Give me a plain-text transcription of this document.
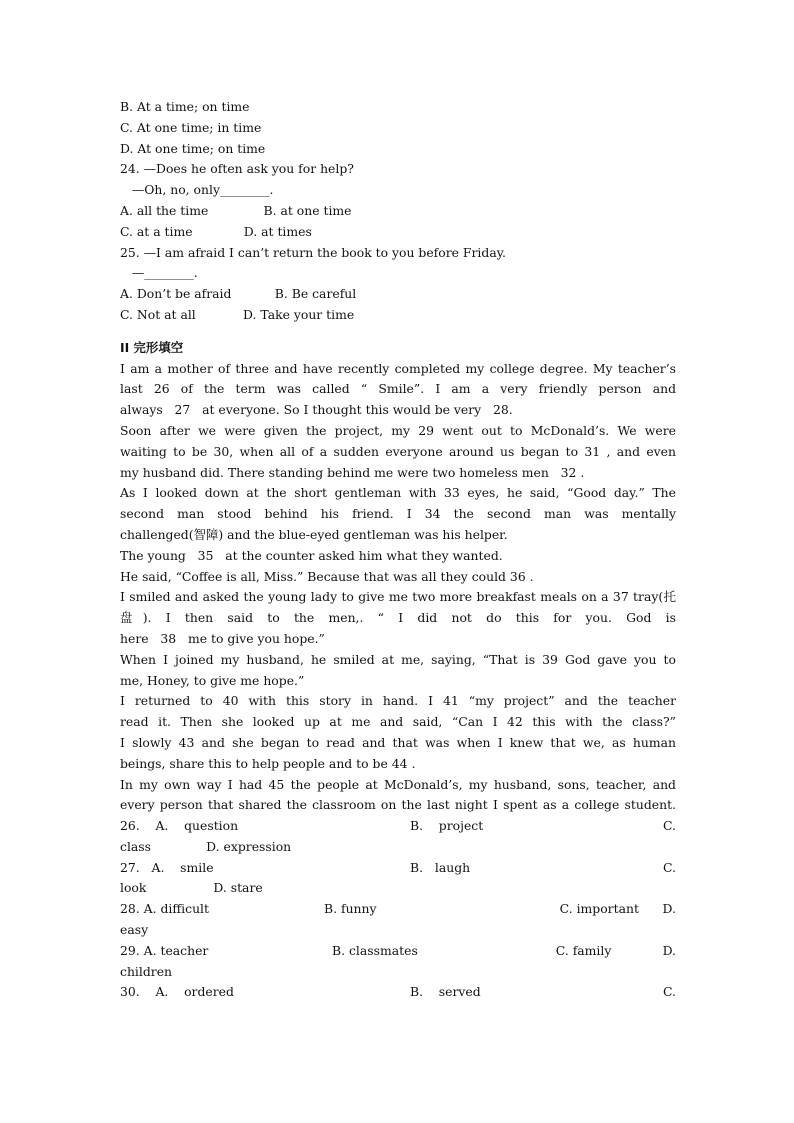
B. At a time; on time
C. At one time; in time
D. At one time; on time
24. —Does he often ask you for help?
—Oh, no, only________.
A. all the time              B. at one time
C. at a time             D. at times
25. —I am afraid I can’t return the book to you before Friday.
—________.
A. Don’t be afraid           B. Be careful
C. Not at all            D. Take your time
II 完形填空
I am a mother of three and have recently completed my college degree. My teacher’s
last 26 of the term was called “ Smile”. I am a very friendly person and
always   27   at everyone. So I thought this would be very   28.
Soon after we were given the project, my 29 went out to McDonald’s. We were
waiting to be 30, when all of a sudden everyone around us began to 31 , and even
my husband did. There standing behind me were two homeless men   32 .
As I looked down at the short gentleman with 33 eyes, he said, “Good day.” The
second man stood behind his friend. I 34 the second man was mentally
challenged(智障) and the blue-eyed gentleman was his helper.
The young   35   at the counter asked him what they wanted.
He said, “Coffee is all, Miss.” Because that was all they could 36 .
I smiled and asked the young lady to give me two more breakfast meals on a 37 tray(托
盘). I then said to the men,. “ I did not do this for you. God is
here   38   me to give you hope.”
When I joined my husband, he smiled at me, saying, “That is 39 God gave you to
me, Honey, to give me hope.”
I returned to 40 with this story in hand. I 41 “my project” and the teacher
read it. Then she looked up at me and said, “Can I 42 this with the class?”
I slowly 43 and she began to read and that was when I knew that we, as human
beings, share this to help people and to be 44 .
In my own way I had 45 the people at McDonald’s, my husband, sons, teacher, and
every person that shared the classroom on the last night I spent as a college student.
26.    A.    question	B.    project	C.
class              D. expression
27.   A.    smile	B.   laugh	C.
look                 D. stare
28. A. difficult	B. funny	C. important      D.
easy
29. A. teacher	B. classmates	C. family             D.
children
30.    A.    ordered	B.    served	C.
